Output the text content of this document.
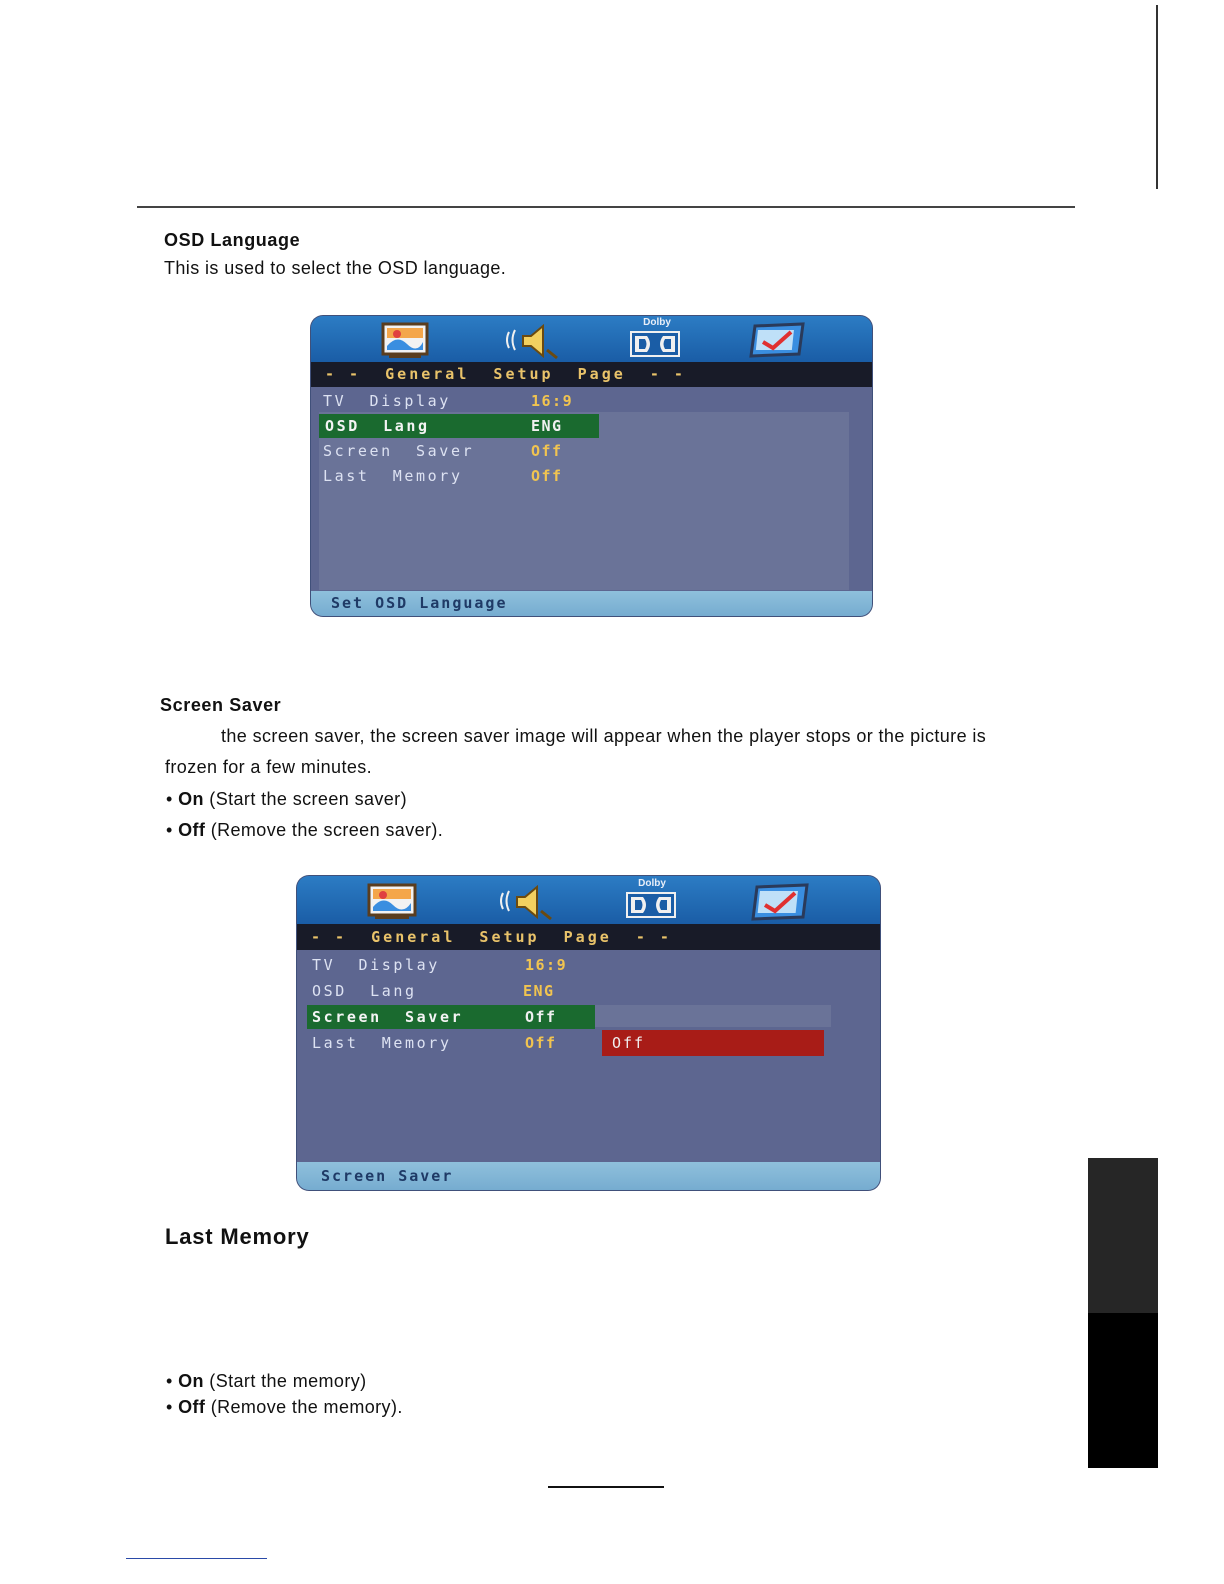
OSD Language
This is used to select the OSD language.
Dolby
- -  General  Setup  Page  - -
TV  Display	16:9
OSD  Lang	ENG
Screen  Saver	Off
Last  Memory	Off
Set OSD Language
Screen Saver
the screen saver, the screen saver image will appear when the player stops or the picture is
frozen for a few minutes.
• On (Start the screen saver)
• Off (Remove the screen saver).
Dolby
- -  General  Setup  Page  - -
Off
TV  Display	16:9
OSD  Lang	ENG
Screen  Saver	Off
Last  Memory	Off
Screen Saver
Last Memory
• On (Start the memory)
• Off (Remove the memory).
